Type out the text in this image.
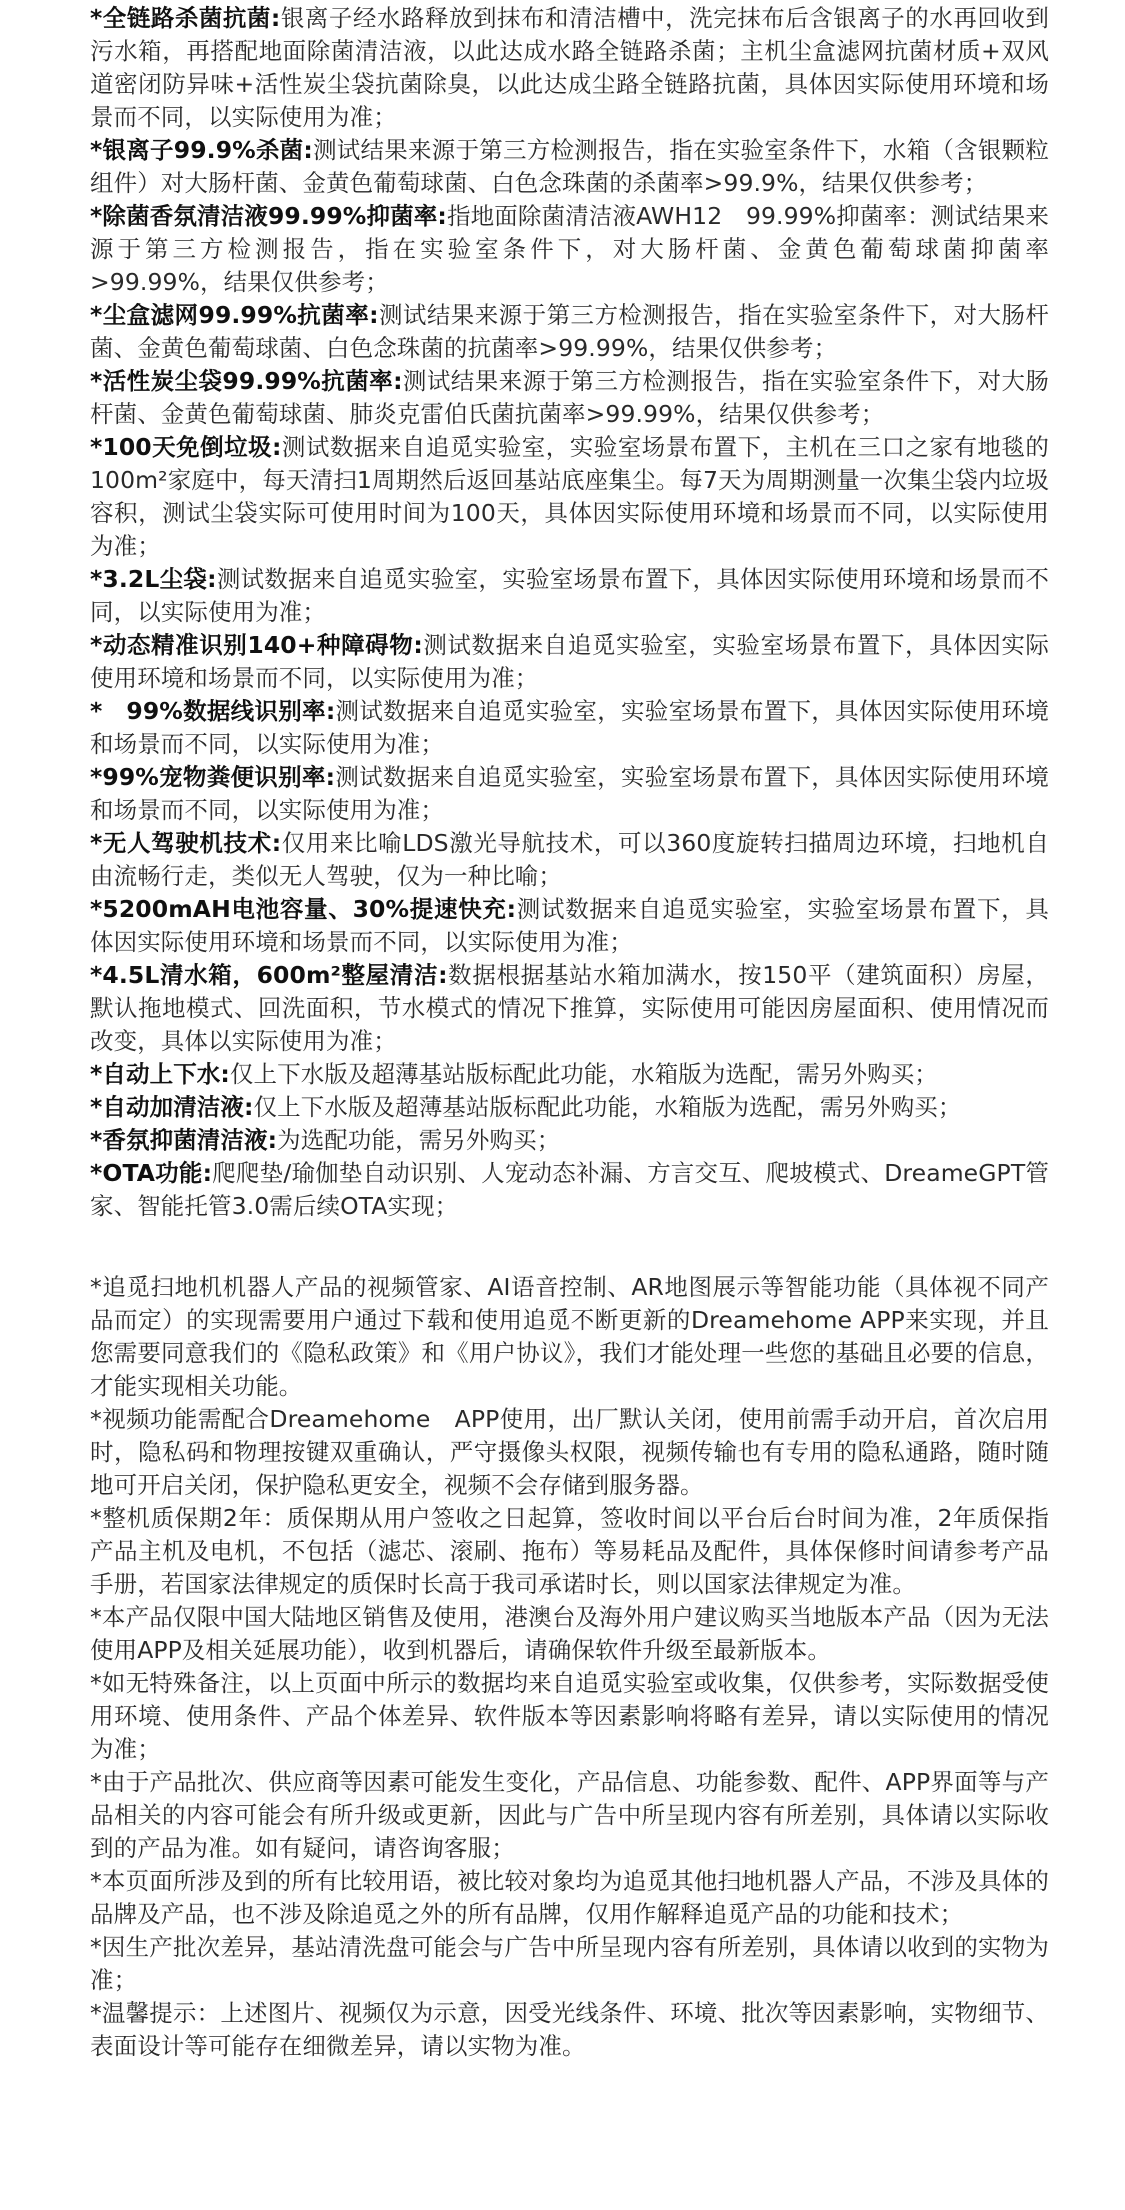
*全链路杀菌抗菌:银离子经水路释放到抹布和清洁槽中，洗完抹布后含银离子的水再回收到污水箱，再搭配地面除菌清洁液，以此达成水路全链路杀菌；主机尘盒滤网抗菌材质+双风道密闭防异味+活性炭尘袋抗菌除臭，以此达成尘路全链路抗菌，具体因实际使用环境和场景而不同，以实际使用为准；

*银离子99.9%杀菌:测试结果来源于第三方检测报告，指在实验室条件下，水箱（含银颗粒组件）对大肠杆菌、金黄色葡萄球菌、白色念珠菌的杀菌率>99.9%，结果仅供参考；

*除菌香氛清洁液99.99%抑菌率:指地面除菌清洁液AWH12　99.99%抑菌率：测试结果来源于第三方检测报告，指在实验室条件下，对大肠杆菌、金黄色葡萄球菌抑菌率>99.99%，结果仅供参考；

*尘盒滤网99.99%抗菌率:测试结果来源于第三方检测报告，指在实验室条件下，对大肠杆菌、金黄色葡萄球菌、白色念珠菌的抗菌率>99.99%，结果仅供参考；

*活性炭尘袋99.99%抗菌率:测试结果来源于第三方检测报告，指在实验室条件下，对大肠杆菌、金黄色葡萄球菌、肺炎克雷伯氏菌抗菌率>99.99%，结果仅供参考；

*100天免倒垃圾:测试数据来自追觅实验室，实验室场景布置下，主机在三口之家有地毯的100m²家庭中，每天清扫1周期然后返回基站底座集尘。每7天为周期测量一次集尘袋内垃圾容积，测试尘袋实际可使用时间为100天，具体因实际使用环境和场景而不同，以实际使用为准；

*3.2L尘袋:测试数据来自追觅实验室，实验室场景布置下，具体因实际使用环境和场景而不同，以实际使用为准；

*动态精准识别140+种障碍物:测试数据来自追觅实验室，实验室场景布置下，具体因实际使用环境和场景而不同，以实际使用为准；

*　99%数据线识别率:测试数据来自追觅实验室，实验室场景布置下，具体因实际使用环境和场景而不同，以实际使用为准；

*99%宠物粪便识别率:测试数据来自追觅实验室，实验室场景布置下，具体因实际使用环境和场景而不同，以实际使用为准；

*无人驾驶机技术:仅用来比喻LDS激光导航技术，可以360度旋转扫描周边环境，扫地机自由流畅行走，类似无人驾驶，仅为一种比喻；

*5200mAH电池容量、30%提速快充:测试数据来自追觅实验室，实验室场景布置下，具体因实际使用环境和场景而不同，以实际使用为准；

*4.5L清水箱，600m²整屋清洁:数据根据基站水箱加满水，按150平（建筑面积）房屋，默认拖地模式、回洗面积，节水模式的情况下推算，实际使用可能因房屋面积、使用情况而改变，具体以实际使用为准；

*自动上下水:仅上下水版及超薄基站版标配此功能，水箱版为选配，需另外购买；

*自动加清洁液:仅上下水版及超薄基站版标配此功能，水箱版为选配，需另外购买；

*香氛抑菌清洁液:为选配功能，需另外购买；

*OTA功能:爬爬垫/瑜伽垫自动识别、人宠动态补漏、方言交互、爬坡模式、DreameGPT管家、智能托管3.0需后续OTA实现；

*追觅扫地机机器人产品的视频管家、AI语音控制、AR地图展示等智能功能（具体视不同产品而定）的实现需要用户通过下载和使用追觅不断更新的Dreamehome APP来实现，并且您需要同意我们的《隐私政策》和《用户协议》，我们才能处理一些您的基础且必要的信息，才能实现相关功能。

*视频功能需配合Dreamehome　APP使用，出厂默认关闭，使用前需手动开启，首次启用时，隐私码和物理按键双重确认，严守摄像头权限，视频传输也有专用的隐私通路，随时随地可开启关闭，保护隐私更安全，视频不会存储到服务器。

*整机质保期2年：质保期从用户签收之日起算，签收时间以平台后台时间为准，2年质保指产品主机及电机，不包括（滤芯、滚刷、拖布）等易耗品及配件，具体保修时间请参考产品手册，若国家法律规定的质保时长高于我司承诺时长，则以国家法律规定为准。

*本产品仅限中国大陆地区销售及使用，港澳台及海外用户建议购买当地版本产品（因为无法使用APP及相关延展功能），收到机器后，请确保软件升级至最新版本。

*如无特殊备注，以上页面中所示的数据均来自追觅实验室或收集，仅供参考，实际数据受使用环境、使用条件、产品个体差异、软件版本等因素影响将略有差异，请以实际使用的情况为准；

*由于产品批次、供应商等因素可能发生变化，产品信息、功能参数、配件、APP界面等与产品相关的内容可能会有所升级或更新，因此与广告中所呈现内容有所差别，具体请以实际收到的产品为准。如有疑问，请咨询客服；

*本页面所涉及到的所有比较用语，被比较对象均为追觅其他扫地机器人产品，不涉及具体的品牌及产品，也不涉及除追觅之外的所有品牌，仅用作解释追觅产品的功能和技术；

*因生产批次差异，基站清洗盘可能会与广告中所呈现内容有所差别，具体请以收到的实物为准；

*温馨提示：上述图片、视频仅为示意，因受光线条件、环境、批次等因素影响，实物细节、表面设计等可能存在细微差异，请以实物为准。
